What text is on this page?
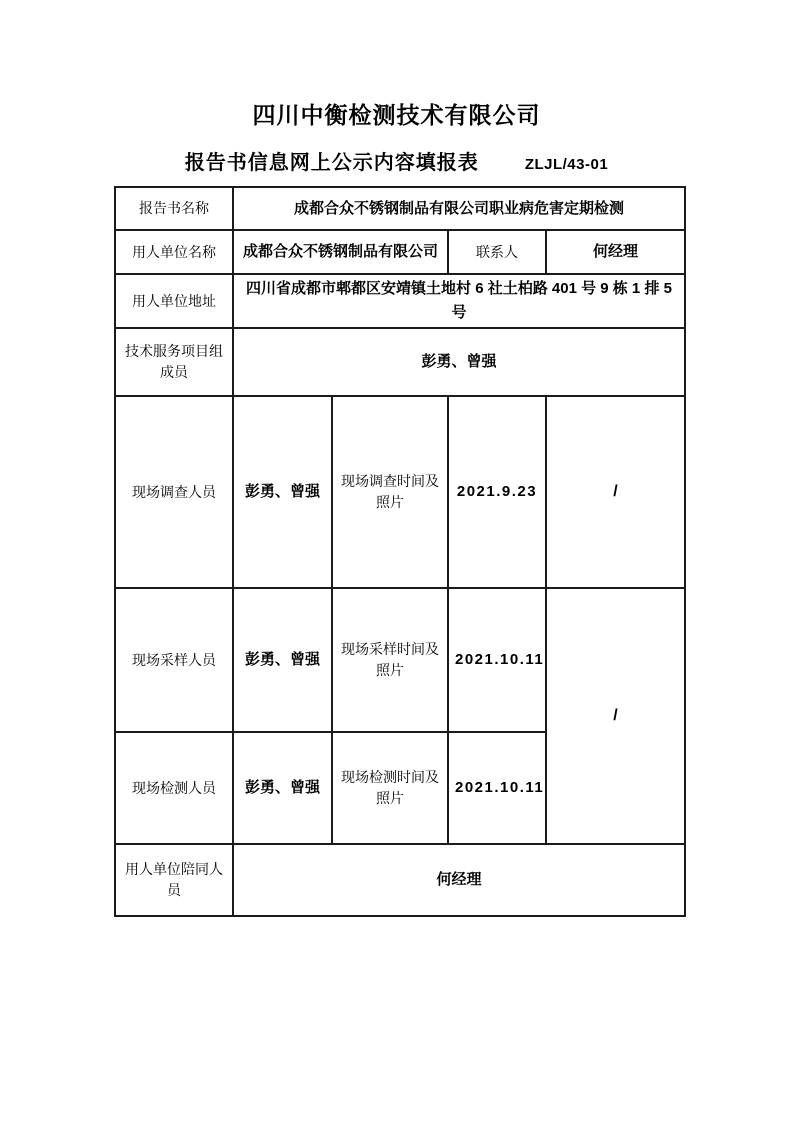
四川中衡检测技术有限公司
报告书信息网上公示内容填报表	ZLJL/43-01
报告书名称	成都合众不锈钢制品有限公司职业病危害定期检测			
用人单位名称	成都合众不锈钢制品有限公司		联系人	何经理
用人单位地址	四川省成都市郫都区安靖镇土地村 6 社土柏路 401 号 9 栋 1 排 5 号			
技术服务项目组成员	彭勇、曾强			
现场调查人员	彭勇、曾强	现场调查时间及照片	2021.9.23	/
现场采样人员	彭勇、曾强	现场采样时间及照片	2021.10.11	/
现场检测人员	彭勇、曾强	现场检测时间及照片	2021.10.11	
用人单位陪同人员	何经理			
